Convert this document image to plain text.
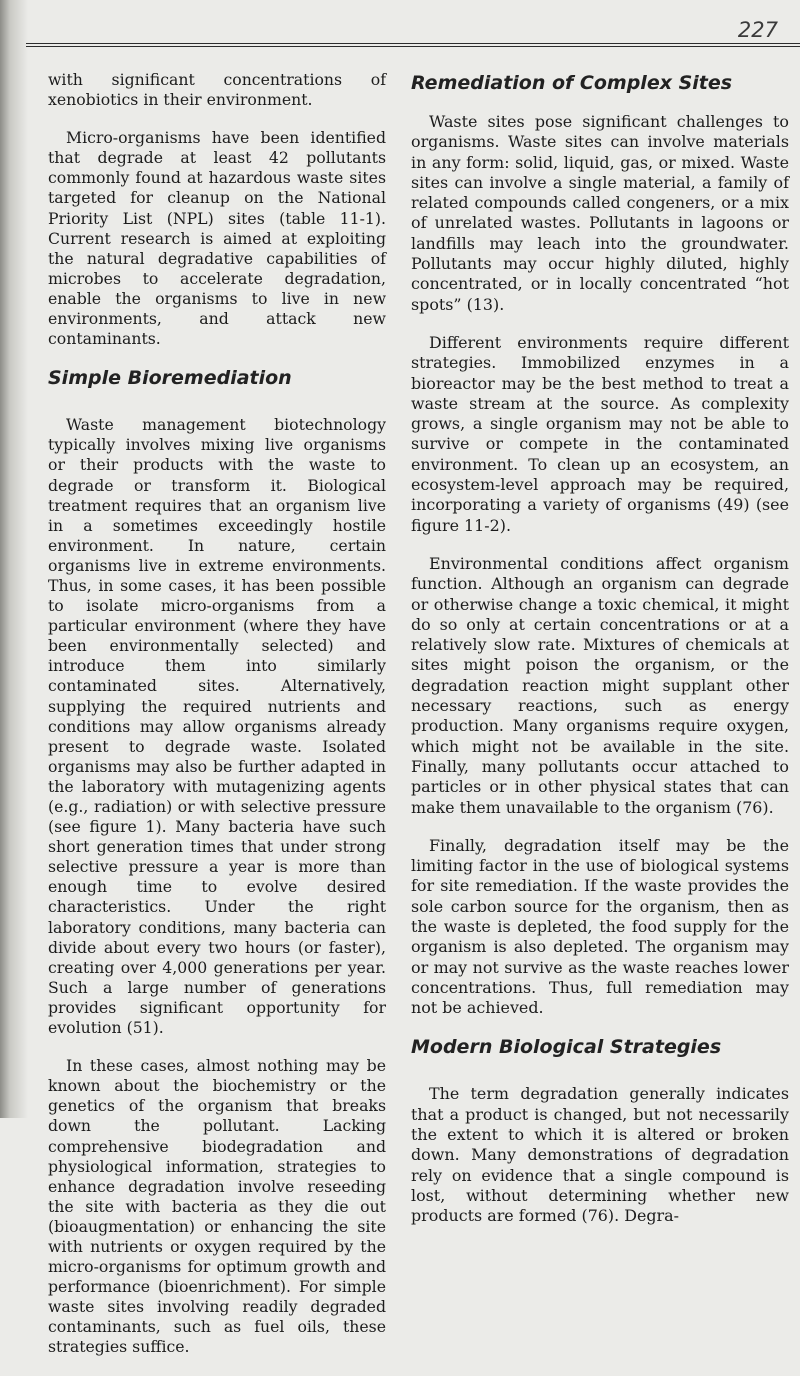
227

with significant concentrations of xenobiotics in their environment.

Micro-organisms have been identified that degrade at least 42 pollutants commonly found at hazardous waste sites targeted for cleanup on the National Priority List (NPL) sites (table 11-1). Current research is aimed at exploiting the natural degradative capabilities of microbes to accelerate degradation, enable the organisms to live in new environments, and attack new contaminants.

Simple Bioremediation

Waste management biotechnology typically involves mixing live organisms or their products with the waste to degrade or transform it. Biological treatment requires that an organism live in a sometimes exceedingly hostile environment. In nature, certain organisms live in extreme environments. Thus, in some cases, it has been possible to isolate micro-organisms from a particular environment (where they have been environmentally selected) and introduce them into similarly contaminated sites. Alternatively, supplying the required nutrients and conditions may allow organisms already present to degrade waste. Isolated organisms may also be further adapted in the laboratory with mutagenizing agents (e.g., radiation) or with selective pressure (see figure 1). Many bacteria have such short generation times that under strong selective pressure a year is more than enough time to evolve desired characteristics. Under the right laboratory conditions, many bacteria can divide about every two hours (or faster), creating over 4,000 generations per year. Such a large number of generations provides significant opportunity for evolution (51).

In these cases, almost nothing may be known about the biochemistry or the genetics of the organism that breaks down the pollutant. Lacking comprehensive biodegradation and physiological information, strategies to enhance degradation involve reseeding the site with bacteria as they die out (bioaugmentation) or enhancing the site with nutrients or oxygen required by the micro-organisms for optimum growth and performance (bioenrichment). For simple waste sites involving readily degraded contaminants, such as fuel oils, these strategies suffice.

Remediation of Complex Sites

Waste sites pose significant challenges to organisms. Waste sites can involve materials in any form: solid, liquid, gas, or mixed. Waste sites can involve a single material, a family of related compounds called congeners, or a mix of unrelated wastes. Pollutants in lagoons or landfills may leach into the groundwater. Pollutants may occur highly diluted, highly concentrated, or in locally concentrated “hot spots” (13).

Different environments require different strategies. Immobilized enzymes in a bioreactor may be the best method to treat a waste stream at the source. As complexity grows, a single organism may not be able to survive or compete in the contaminated environment. To clean up an ecosystem, an ecosystem-level approach may be required, incorporating a variety of organisms (49) (see figure 11-2).

Environmental conditions affect organism function. Although an organism can degrade or otherwise change a toxic chemical, it might do so only at certain concentrations or at a relatively slow rate. Mixtures of chemicals at sites might poison the organism, or the degradation reaction might supplant other necessary reactions, such as energy production. Many organisms require oxygen, which might not be available in the site. Finally, many pollutants occur attached to particles or in other physical states that can make them unavailable to the organism (76).

Finally, degradation itself may be the limiting factor in the use of biological systems for site remediation. If the waste provides the sole carbon source for the organism, then as the waste is depleted, the food supply for the organism is also depleted. The organism may or may not survive as the waste reaches lower concentrations. Thus, full remediation may not be achieved.

Modern Biological Strategies

The term degradation generally indicates that a product is changed, but not necessarily the extent to which it is altered or broken down. Many demonstrations of degradation rely on evidence that a single compound is lost, without determining whether new products are formed (76). Degra-
